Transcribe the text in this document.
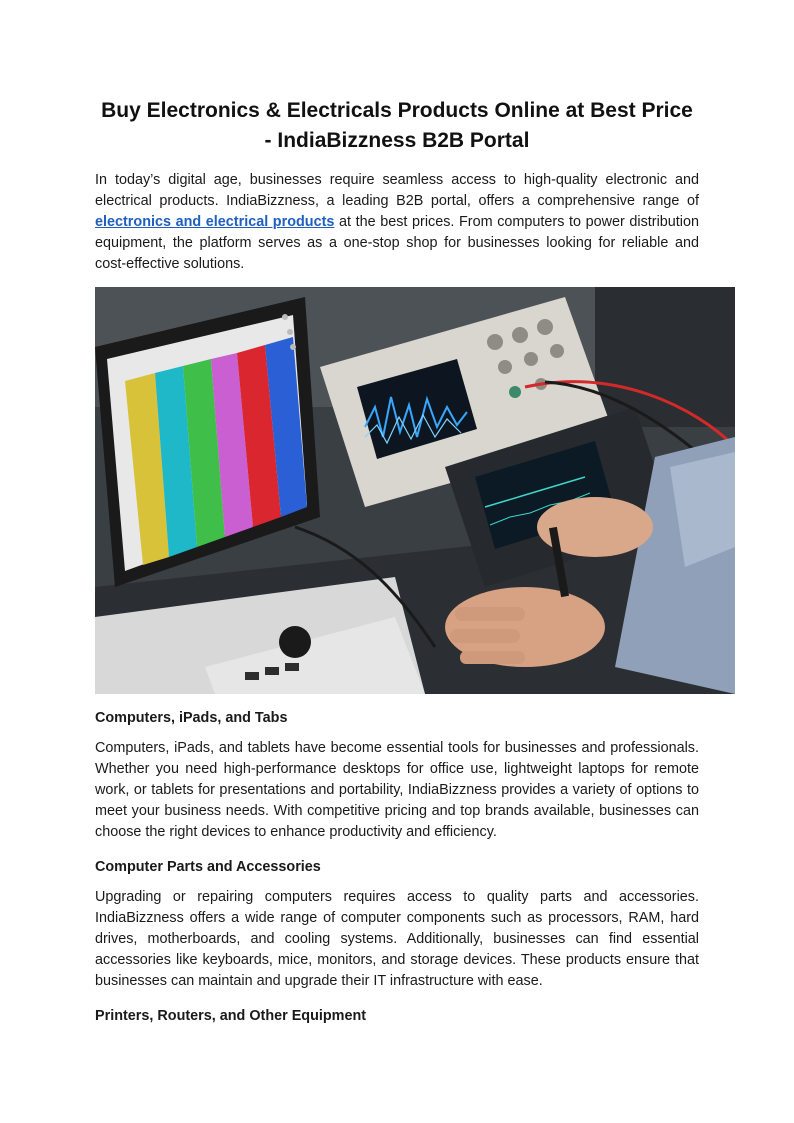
Buy Electronics & Electricals Products Online at Best Price - IndiaBizzness B2B Portal

In today’s digital age, businesses require seamless access to high-quality electronic and electrical products. IndiaBizzness, a leading B2B portal, offers a comprehensive range of electronics and electrical products at the best prices. From computers to power distribution equipment, the platform serves as a one-stop shop for businesses looking for reliable and cost-effective solutions.

Computers, iPads, and Tabs

Computers, iPads, and tablets have become essential tools for businesses and professionals. Whether you need high-performance desktops for office use, lightweight laptops for remote work, or tablets for presentations and portability, IndiaBizzness provides a variety of options to meet your business needs. With competitive pricing and top brands available, businesses can choose the right devices to enhance productivity and efficiency.

Computer Parts and Accessories

Upgrading or repairing computers requires access to quality parts and accessories. IndiaBizzness offers a wide range of computer components such as processors, RAM, hard drives, motherboards, and cooling systems. Additionally, businesses can find essential accessories like keyboards, mice, monitors, and storage devices. These products ensure that businesses can maintain and upgrade their IT infrastructure with ease.

Printers, Routers, and Other Equipment
